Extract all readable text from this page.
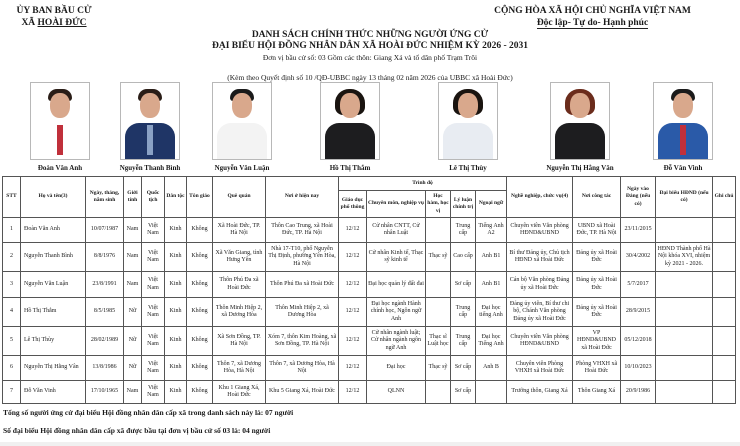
ỦY BAN BẦU CỬ
XÃ HOÀI ĐỨC
CỘNG HÒA XÃ HỘI CHỦ NGHĨA VIỆT NAM
Độc lập- Tự do- Hạnh phúc
DANH SÁCH CHÍNH THỨC NHỮNG NGƯỜI ỨNG CỬ
ĐẠI BIỂU HỘI ĐỒNG NHÂN DÂN XÃ HOÀI ĐỨC NHIỆM KỲ 2026 - 2031
Đơn vị bầu cử số: 03 Gồm các thôn: Giang Xá và tổ dân phố Trạm Trôi
(Kèm theo Quyết định số 10 /QĐ-UBBC ngày 13 tháng 02 năm 2026 của UBBC xã Hoài Đức)
Đoàn Văn Anh	Nguyễn Thanh Bình	Nguyễn Văn Luận	Hồ Thị Thắm	Lê Thị Thùy	Nguyễn Thị Hằng Vân	Đỗ Văn Vinh
STT	Họ và tên(3)	Ngày, tháng, năm sinh	Giới tính	Quốc tịch	Dân tộc	Tôn giáo	Quê quán	Nơi ở hiện nay	Trình độ					Nghề nghiệp, chức vụ(4)	Nơi công tác	Ngày vào Đảng (nếu có)	Đại biểu HĐND (nếu có)	Ghi chú
									Giáo dục phổ thông	Chuyên môn, nghiệp vụ	Học hàm, học vị	Lý luận chính trị	Ngoại ngữ					
1	Đoàn Văn Anh	10/07/1987	Nam	Việt Nam	Kinh	Không	Xã Hoài Đức, TP. Hà Nội	Thôn Cao Trung, xã Hoài Đức, TP. Hà Nội	12/12	Cử nhân CNTT, Cử nhân Luật		Trung cấp	Tiếng Anh A2	Chuyên viên Văn phòng HĐND&UBND	UBND xã Hoài Đức, TP. Hà Nội	23/11/2015		
2	Nguyễn Thanh Bình	8/8/1976	Nam	Việt Nam	Kinh	Không	Xã Văn Giang, tỉnh Hưng Yên	Nhà 17-T10, phố Nguyễn Thị Định, phường Yên Hòa, Hà Nội	12/12	Cử nhân Kinh tế, Thạc sỹ kinh tế	Thạc sỹ	Cao cấp	Anh B1	Bí thư Đảng ủy, Chủ tịch HĐND xã Hoài Đức	Đảng ủy xã Hoài Đức	30/4/2002	HĐND Thành phố Hà Nội khóa XVI, nhiệm kỳ 2021 - 2026.	
3	Nguyễn Văn Luận	23/8/1991	Nam	Việt Nam	Kinh	Không	Thôn Phú Đa xã Hoài Đức	Thôn Phú Đa xã Hoài Đức	12/12	Đại học quản lý đất đai		Sơ cấp	Anh B1	Cán bộ Văn phòng Đảng ủy xã Hoài Đức	Đảng ủy xã Hoài Đức	5/7/2017		
4	Hồ Thị Thắm	8/5/1985	Nữ	Việt Nam	Kinh	Không	Thôn Minh Hiệp 2, xã Dương Hòa	Thôn Minh Hiệp 2, xã Dương Hòa	12/12	Đại học ngành Hành chính học, Ngôn ngữ Anh		Trung cấp	Đại học tiếng Anh	Đảng ủy viên, Bí thư chi bộ, Chánh Văn phòng Đảng ủy xã Hoài Đức	Đảng ủy xã Hoài Đức	28/9/2015		
5	Lê Thị Thùy	28/02/1989	Nữ	Việt Nam	Kinh	Không	Xã Sơn Đồng, TP. Hà Nội	Xóm 7, thôn Kim Hoàng, xã Sơn Đồng, TP. Hà Nội	12/12	Cử nhân ngành luật; Cử nhân ngành ngôn ngữ Anh	Thạc sĩ Luật học	Trung cấp	Đại học Tiếng Anh	Chuyên viên Văn phòng HĐND&UBND	VP HĐND&UBND xã Hoài Đức	05/12/2018		
6	Nguyễn Thị Hằng Vân	13/8/1986	Nữ	Việt Nam	Kinh	Không	Thôn 7, xã Dương Hòa, Hà Nội	Thôn 7, xã Dương Hòa, Hà Nội	12/12	Đại học	Thạc sỹ	Sơ cấp	Anh B	Chuyên viên Phòng VHXH xã Hoài Đức	Phòng VHXH xã Hoài Đức	10/10/2023		
7	Đỗ Văn Vinh	17/10/1965	Nam	Việt Nam	Kinh	Không	Khu 1 Giang Xá, Hoài Đức	Khu 5 Giang Xá, Hoài Đức	12/12	QLNN		Sơ cấp		Trưởng thôn, Giang Xá	Thôn Giang Xá	20/9/1986		
Tổng số người ứng cử đại biểu Hội đồng nhân dân cấp xã trong danh sách này là: 07 người
Số đại biểu Hội đồng nhân dân cấp xã được bầu tại đơn vị bầu cử số 03 là: 04 người
